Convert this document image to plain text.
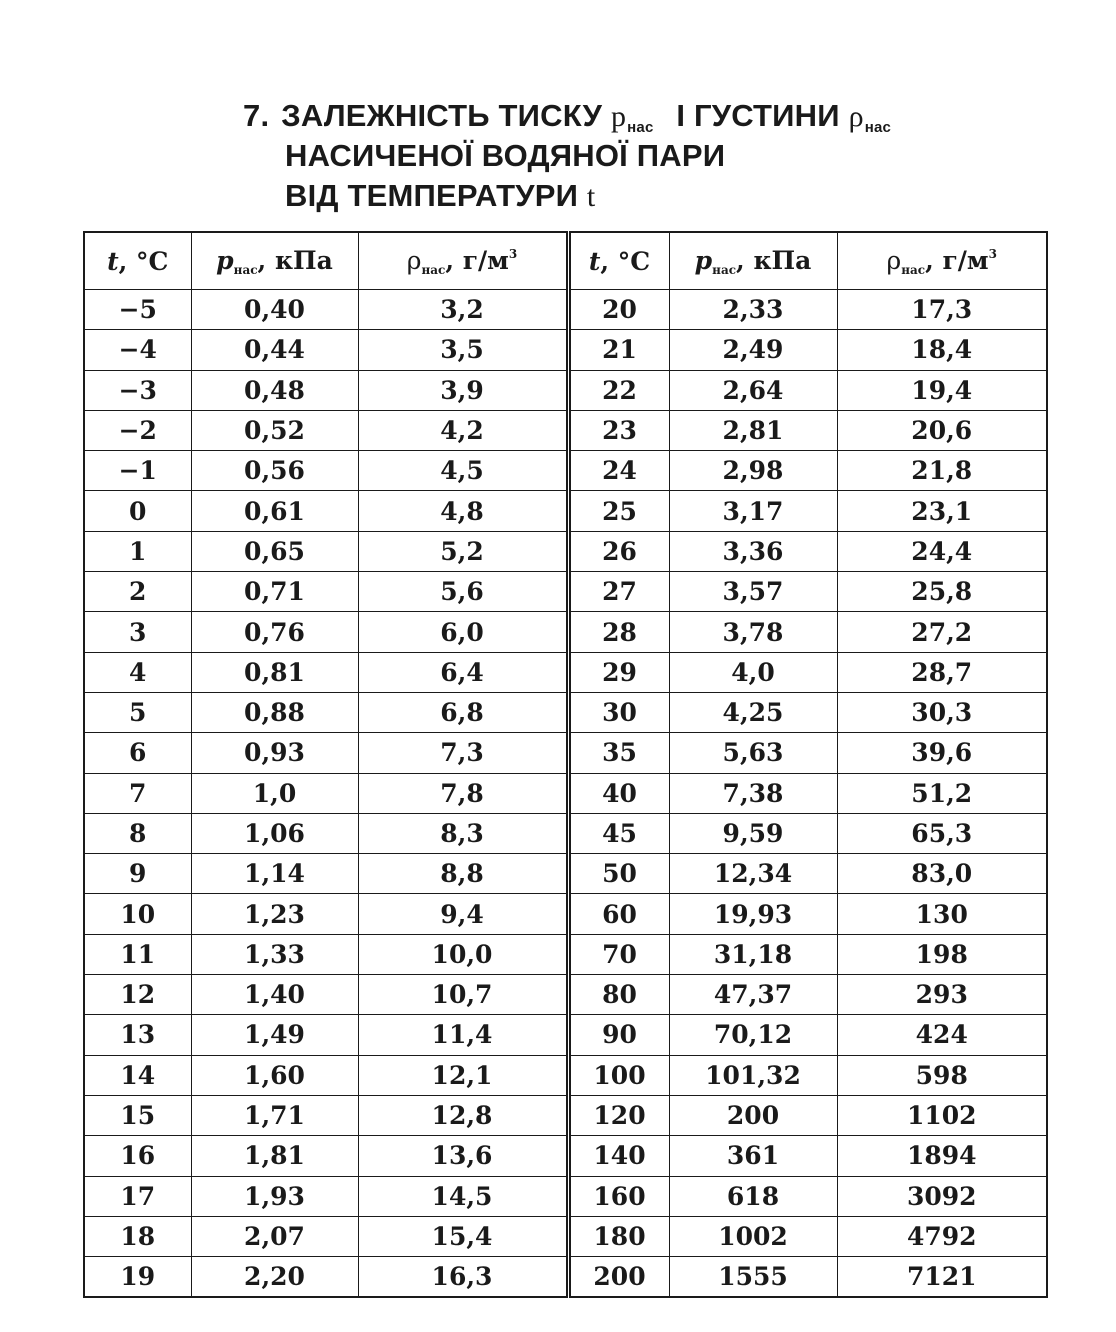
7. ЗАЛЕЖНІСТЬ ТИСКУ $p_{нас}$ І ГУСТИНИ $\rho_{нас}$
НАСИЧЕНОЇ ВОДЯНОЇ ПАРИ
ВІД ТЕМПЕРАТУРИ t
t, °C	$p_{нас}$, кПа	$\rho_{нас}$, $г/м^3$	t, °C	$p_{нас}$, кПа	$\rho_{нас}$, $г/м^3$
−5	0,40	3,2	20	2,33	17,3
−4	0,44	3,5	21	2,49	18,4
−3	0,48	3,9	22	2,64	19,4
−2	0,52	4,2	23	2,81	20,6
−1	0,56	4,5	24	2,98	21,8
0	0,61	4,8	25	3,17	23,1
1	0,65	5,2	26	3,36	24,4
2	0,71	5,6	27	3,57	25,8
3	0,76	6,0	28	3,78	27,2
4	0,81	6,4	29	4,0	28,7
5	0,88	6,8	30	4,25	30,3
6	0,93	7,3	35	5,63	39,6
7	1,0	7,8	40	7,38	51,2
8	1,06	8,3	45	9,59	65,3
9	1,14	8,8	50	12,34	83,0
10	1,23	9,4	60	19,93	130
11	1,33	10,0	70	31,18	198
12	1,40	10,7	80	47,37	293
13	1,49	11,4	90	70,12	424
14	1,60	12,1	100	101,32	598
15	1,71	12,8	120	200	1102
16	1,81	13,6	140	361	1894
17	1,93	14,5	160	618	3092
18	2,07	15,4	180	1002	4792
19	2,20	16,3	200	1555	7121
